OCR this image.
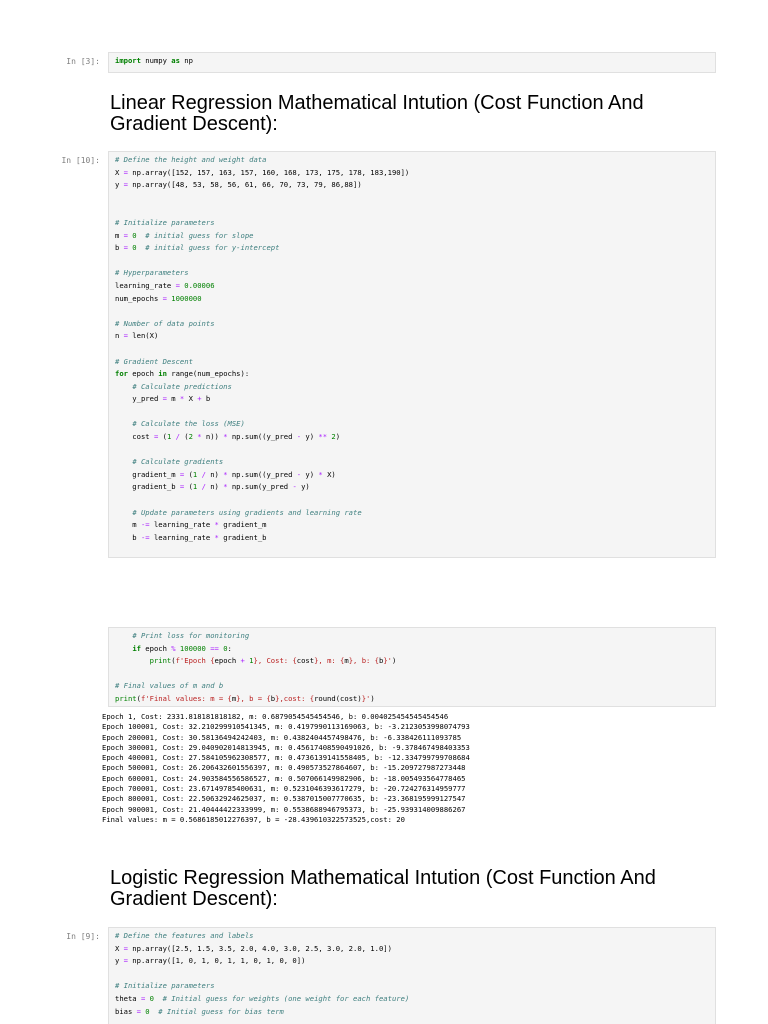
In [3]: import numpy as np
Linear Regression Mathematical Intution (Cost Function And Gradient Descent):
In [10]: # Define the height and weight data
X = np.array([152, 157, 163, 157, 160, 168, 173, 175, 178, 183,190])
y = np.array([48, 53, 58, 56, 61, 66, 70, 73, 79, 86,88])
# Initialize parameters
m = 0 # initial guess for slope
b = 0 # initial guess for y-intercept
# Hyperparameters
learning_rate = 0.00006
num_epochs = 1000000
# Number of data points
n = len(X)
# Gradient Descent
for epoch in range(num_epochs):
# Calculate predictions
y_pred = m * X + b
# Calculate the loss (MSE)
cost = (1 / (2 * n)) * np.sum((y_pred - y) ** 2)
# Calculate gradients
gradient_m = (1 / n) * np.sum((y_pred - y) * X)
gradient_b = (1 / n) * np.sum(y_pred - y)
# Update parameters using gradients and learning rate
m -= learning_rate * gradient_m
b -= learning_rate * gradient_b
# Print loss for monitoring
if epoch % 100000 == 0:
print(f'Epoch {epoch + 1}, Cost: {cost}, m: {m}, b: {b}')
# Final values of m and b
print(f'Final values: m = {m}, b = {b},cost: {round(cost)}')
Epoch 1, Cost: 2331.818181818182, m: 0.6879054545454546, b: 0.004025454545454546
Epoch 100001, Cost: 32.210299910541345, m: 0.4197990113169063, b: -3.2123053998074793
Epoch 200001, Cost: 30.58136494242403, m: 0.4382404457498476, b: -6.338426111093785
Epoch 300001, Cost: 29.040902014813945, m: 0.45617408590491026, b: -9.378467498403353
Epoch 400001, Cost: 27.584105962308577, m: 0.4736139141558405, b: -12.334799799708684
Epoch 500001, Cost: 26.206432601556397, m: 0.490573527864607, b: -15.209727987273448
Epoch 600001, Cost: 24.903584556586527, m: 0.507066149982906, b: -18.005493564778465
Epoch 700001, Cost: 23.67149785400631, m: 0.5231046393617279, b: -20.724276314959777
Epoch 800001, Cost: 22.50632924625037, m: 0.5387015007770635, b: -23.368195999127547
Epoch 900001, Cost: 21.40444422333999, m: 0.5538688946795373, b: -25.939314009886267
Final values: m = 0.5686185012276397, b = -28.439610322573525,cost: 20
Logistic Regression Mathematical Intution (Cost Function And Gradient Descent):
In [9]: # Define the features and labels
X = np.array([2.5, 1.5, 3.5, 2.0, 4.0, 3.0, 2.5, 3.0, 2.0, 1.0])
y = np.array([1, 0, 1, 0, 1, 1, 0, 1, 0, 0])
# Initialize parameters
theta = 0 # Initial guess for weights (one weight for each feature)
bias = 0 # Initial guess for bias term
